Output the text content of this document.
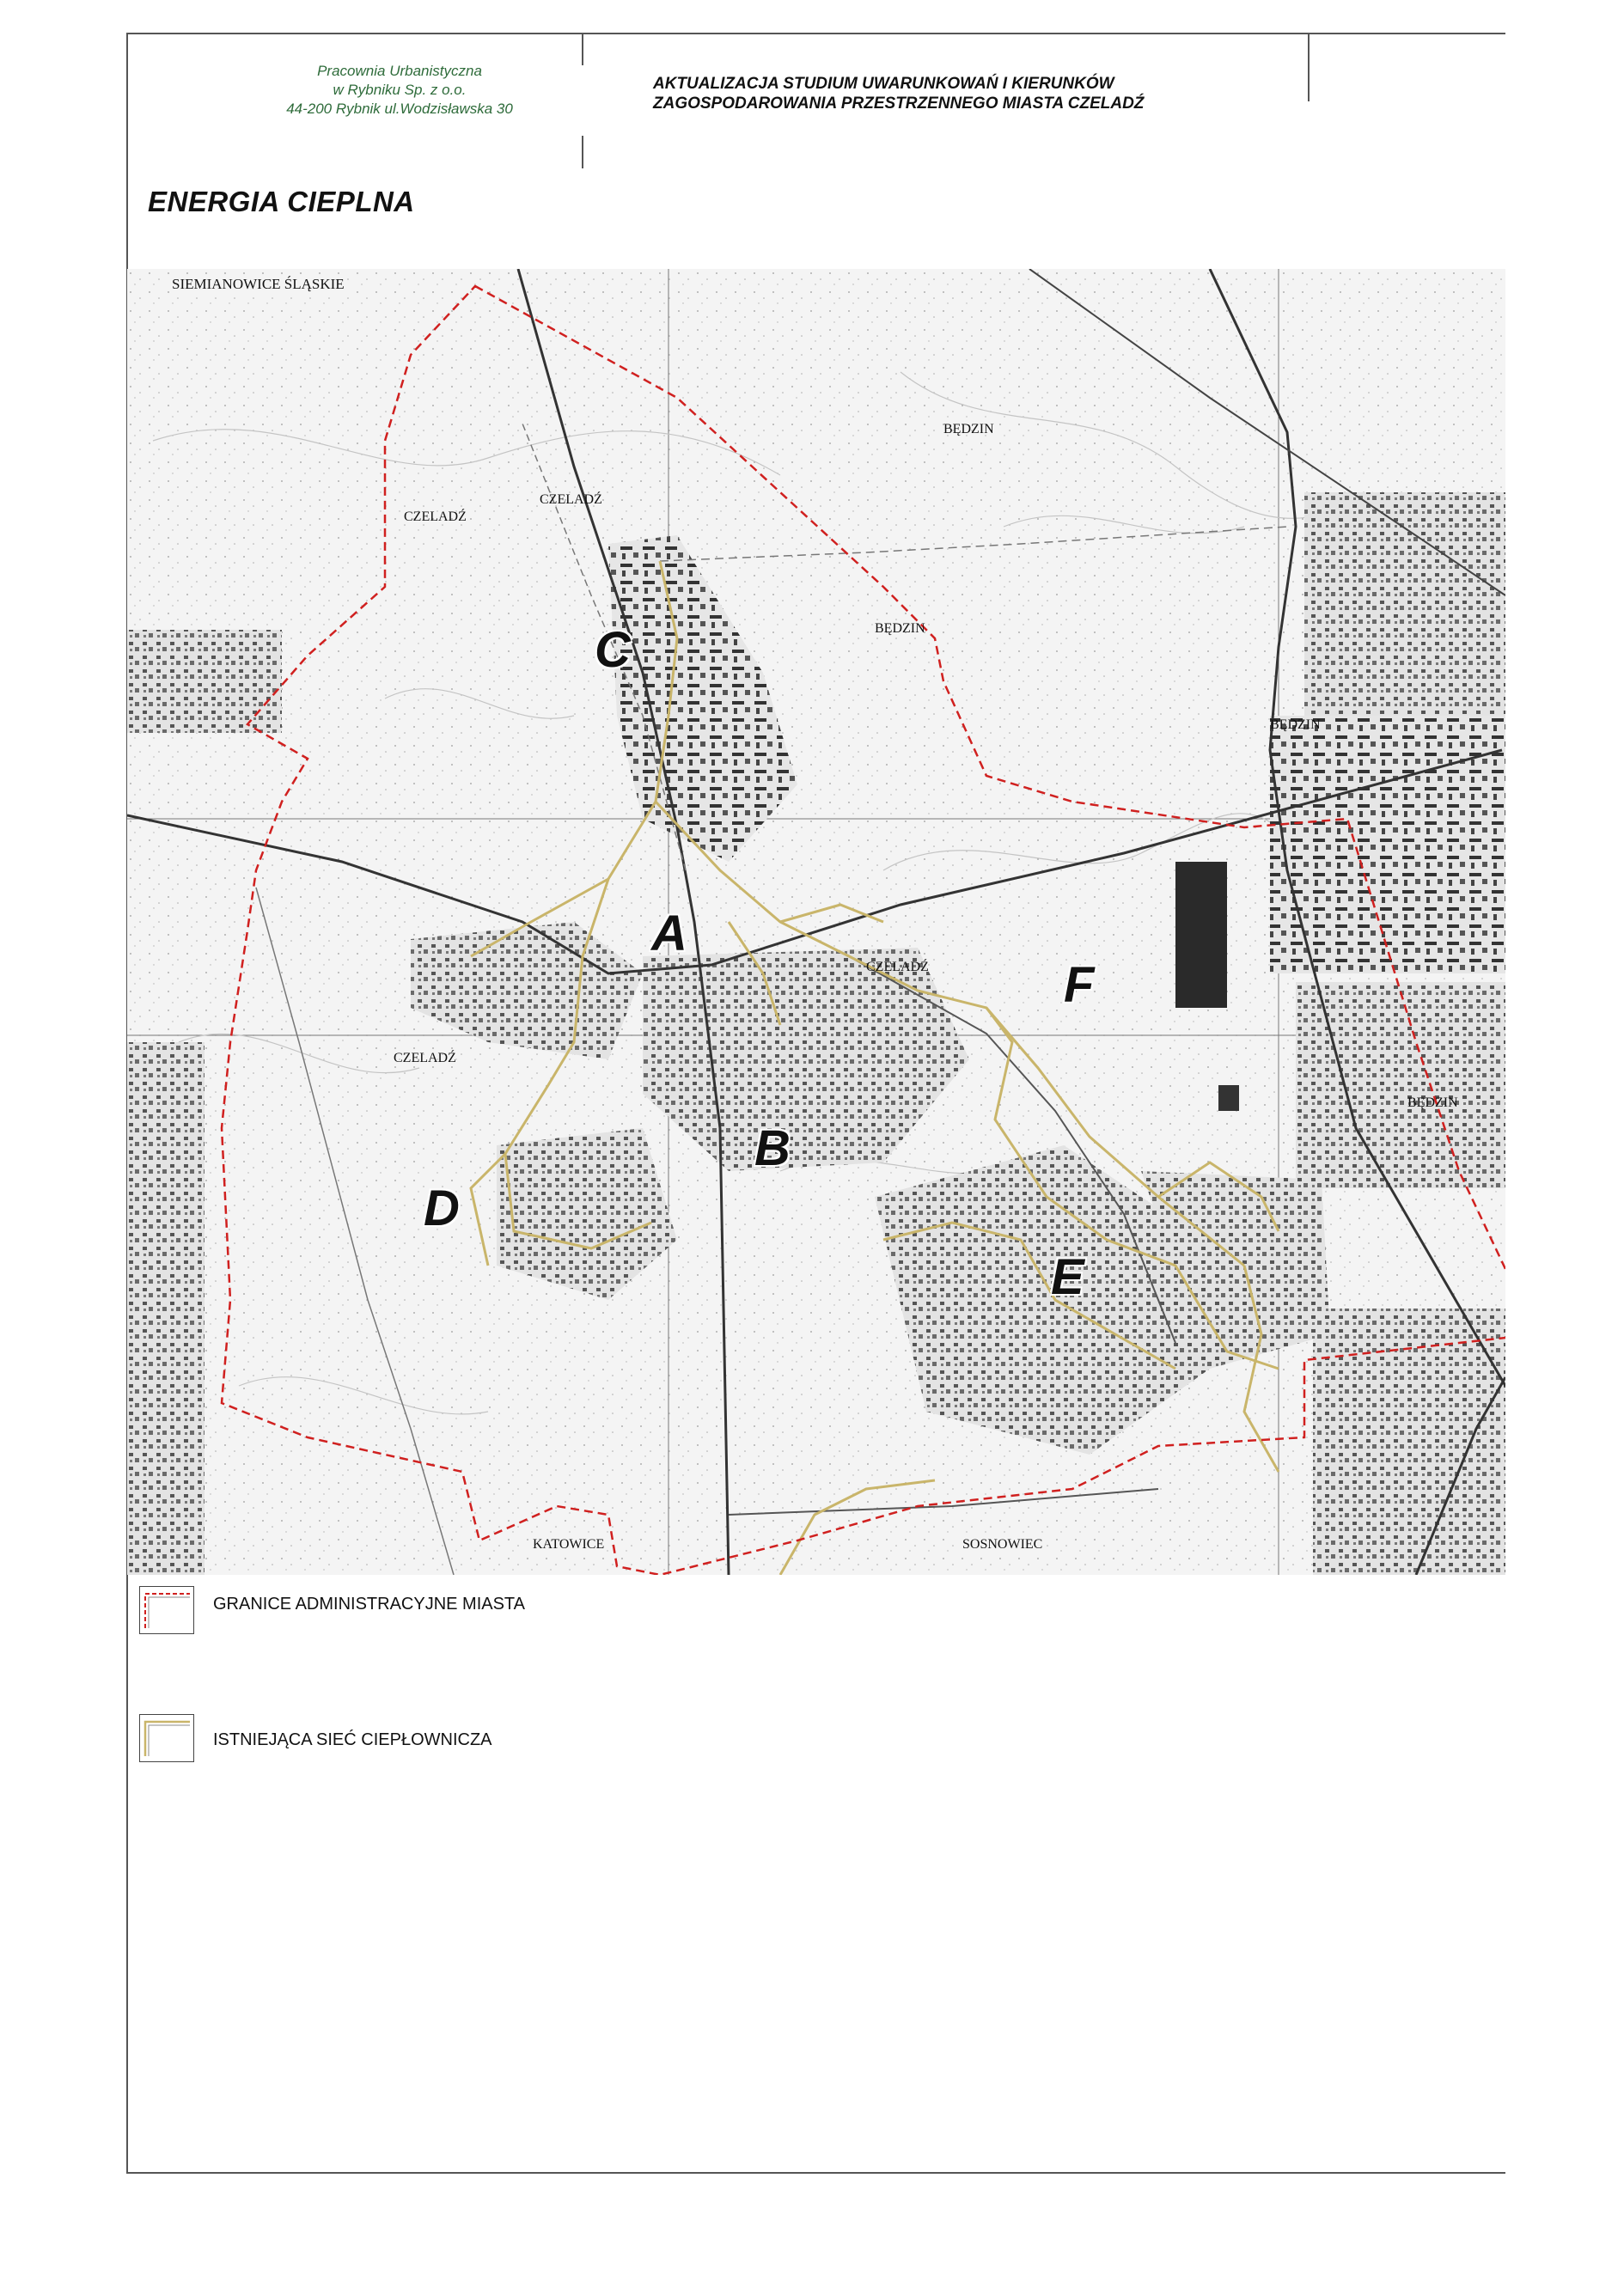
Pracownia Urbanistyczna
w Rybniku Sp. z o.o.
44-200 Rybnik ul.Wodzisławska 30
AKTUALIZACJA STUDIUM UWARUNKOWAŃ I KIERUNKÓW
ZAGOSPODAROWANIA PRZESTRZENNEGO MIASTA CZELADŹ
ENERGIA CIEPLNA
SIEMIANOWICE ŚLĄSKIE
CZELADŹ
CZELADŹ
BĘDZIN
BĘDZIN
BĘDZIN
BĘDZIN
CZELADŹ
CZELADŹ
KATOWICE	SOSNOWIEC
C
A
F
B
D
E
GRANICE ADMINISTRACYJNE MIASTA
ISTNIEJĄCA SIEĆ CIEPŁOWNICZA
